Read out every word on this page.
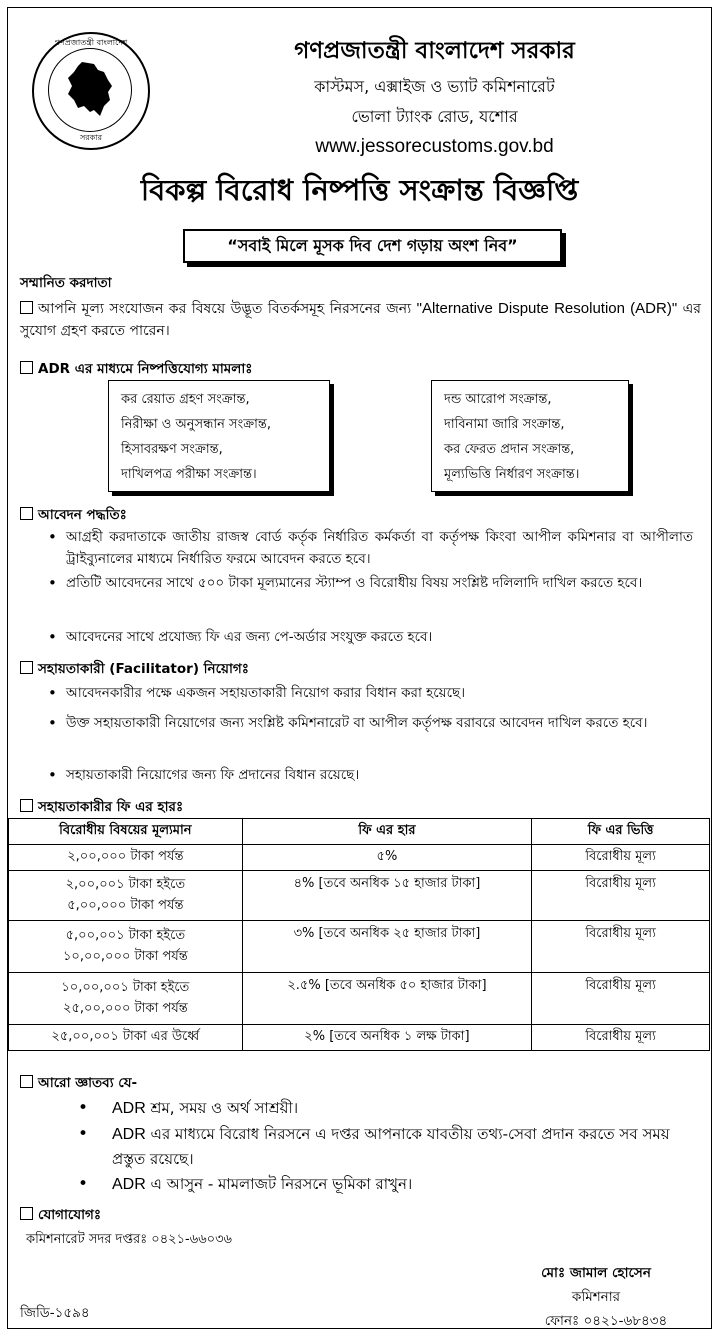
গণপ্রজাতন্ত্রী বাংলাদেশ
সরকার
গণপ্রজাতন্ত্রী বাংলাদেশ সরকার
কাস্টমস, এক্সাইজ ও ভ্যাট কমিশনারেট
ভোলা ট্যাংক রোড, যশোর
www.jessorecustoms.gov.bd
বিকল্প বিরোধ নিষ্পত্তি সংক্রান্ত বিজ্ঞপ্তি
“সবাই মিলে মূসক দিব দেশ গড়ায় অংশ নিব”
সম্মানিত করদাতা
আপনি মূল্য সংযোজন কর বিষয়ে উদ্ভূত বিতর্কসমূহ নিরসনের জন্য "Alternative Dispute Resolution (ADR)" এর সুযোগ গ্রহণ করতে পারেন।
ADR এর মাধ্যমে নিষ্পত্তিযোগ্য মামলাঃ
কর রেয়াত গ্রহণ সংক্রান্ত,
নিরীক্ষা ও অনুসন্ধান সংক্রান্ত,
হিসাবরক্ষণ সংক্রান্ত,
দাখিলপত্র পরীক্ষা সংক্রান্ত।
দন্ড আরোপ সংক্রান্ত,
দাবিনামা জারি সংক্রান্ত,
কর ফেরত প্রদান সংক্রান্ত,
মূল্যভিত্তি নির্ধারণ সংক্রান্ত।
আবেদন পদ্ধতিঃ
• আগ্রহী করদাতাকে জাতীয় রাজস্ব বোর্ড কর্তৃক নির্ধারিত কর্মকর্তা বা কর্তৃপক্ষ কিংবা আপীল কমিশনার বা আপীলাত ট্রাইব্যুনালের মাধ্যমে নির্ধারিত ফরমে আবেদন করতে হবে।
• প্রতিটি আবেদনের সাথে ৫০০ টাকা মূল্যমানের স্ট্যাম্প ও বিরোধীয় বিষয় সংশ্লিষ্ট দলিলাদি দাখিল করতে হবে।
• আবেদনের সাথে প্রযোজ্য ফি এর জন্য পে-অর্ডার সংযুক্ত করতে হবে।
সহায়তাকারী (Facilitator) নিয়োগঃ
• আবেদনকারীর পক্ষে একজন সহায়তাকারী নিয়োগ করার বিধান করা হয়েছে।
• উক্ত সহায়তাকারী নিয়োগের জন্য সংশ্লিষ্ট কমিশনারেট বা আপীল কর্তৃপক্ষ বরাবরে আবেদন দাখিল করতে হবে।
• সহায়তাকারী নিয়োগের জন্য ফি প্রদানের বিধান রয়েছে।
সহায়তাকারীর ফি এর হারঃ
বিরোধীয় বিষয়ের মূল্যমান	ফি এর হার	ফি এর ভিত্তি

২,০০,০০০ টাকা পর্যন্ত	৫%	বিরোধীয় মূল্য

২,০০,০০১ টাকা হইতে
৫,০০,০০০ টাকা পর্যন্ত	৪% [তবে অনধিক ১৫ হাজার টাকা]	বিরোধীয় মূল্য

৫,০০,০০১ টাকা হইতে
১০,০০,০০০ টাকা পর্যন্ত	৩% [তবে অনধিক ২৫ হাজার টাকা]	বিরোধীয় মূল্য

১০,০০,০০১ টাকা হইতে
২৫,০০,০০০ টাকা পর্যন্ত	২.৫% [তবে অনধিক ৫০ হাজার টাকা]	বিরোধীয় মূল্য

২৫,০০,০০১ টাকা এর উর্ধ্বে	২% [তবে অনধিক ১ লক্ষ টাকা]	বিরোধীয় মূল্য
আরো জ্ঞাতব্য যে-
• ADR শ্রম, সময় ও অর্থ সাশ্রয়ী।
• ADR এর মাধ্যমে বিরোধ নিরসনে এ দপ্তর আপনাকে যাবতীয় তথ্য-সেবা প্রদান করতে সব সময় প্রস্তুত রয়েছে।
• ADR এ আসুন - মামলাজট নিরসনে ভূমিকা রাখুন।
যোগাযোগঃ
কমিশনারেট সদর দপ্তরঃ ০৪২১-৬৬০৩৬
মোঃ জামাল হোসেন
কমিশনার
ফোনঃ ০৪২১-৬৮৪৩৪
জিডি-১৫৯৪
